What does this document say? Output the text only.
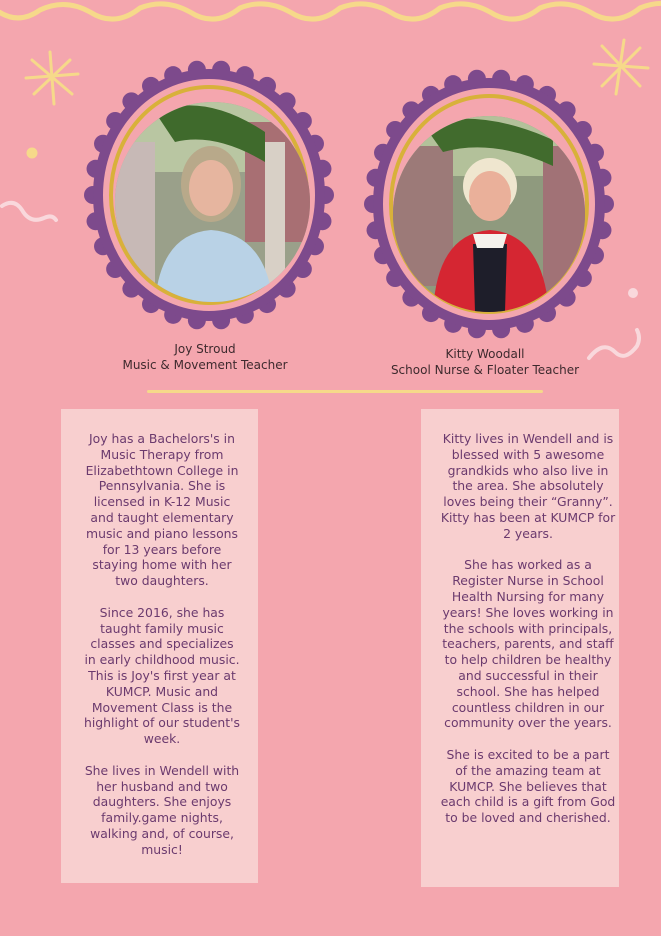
Joy Stroud
Music & Movement Teacher
Kitty Woodall
School Nurse & Floater Teacher

Joy has a Bachelors's in Music Therapy from Elizabethtown College in Pennsylvania. She is licensed in K-12 Music and taught elementary music and piano lessons for 13 years before staying home with her two daughters.

Since 2016, she has taught family music classes and specializes in early childhood music. This is Joy's first year at KUMCP. Music and Movement Class is the highlight of our student's week.

She lives in Wendell with her husband and two daughters. She enjoys family.game nights, walking and, of course, music!

Kitty lives in Wendell and is blessed with 5 awesome grandkids who also live in the area. She absolutely loves being their “Granny”. Kitty has been at KUMCP for 2 years.

She has worked as a Register Nurse in School Health Nursing for many years! She loves working in the schools with principals, teachers, parents, and staff to help children be healthy and successful in their school. She has helped countless children in our community over the years.

She is excited to be a part of the amazing team at KUMCP. She believes that each child is a gift from God to be loved and cherished.
